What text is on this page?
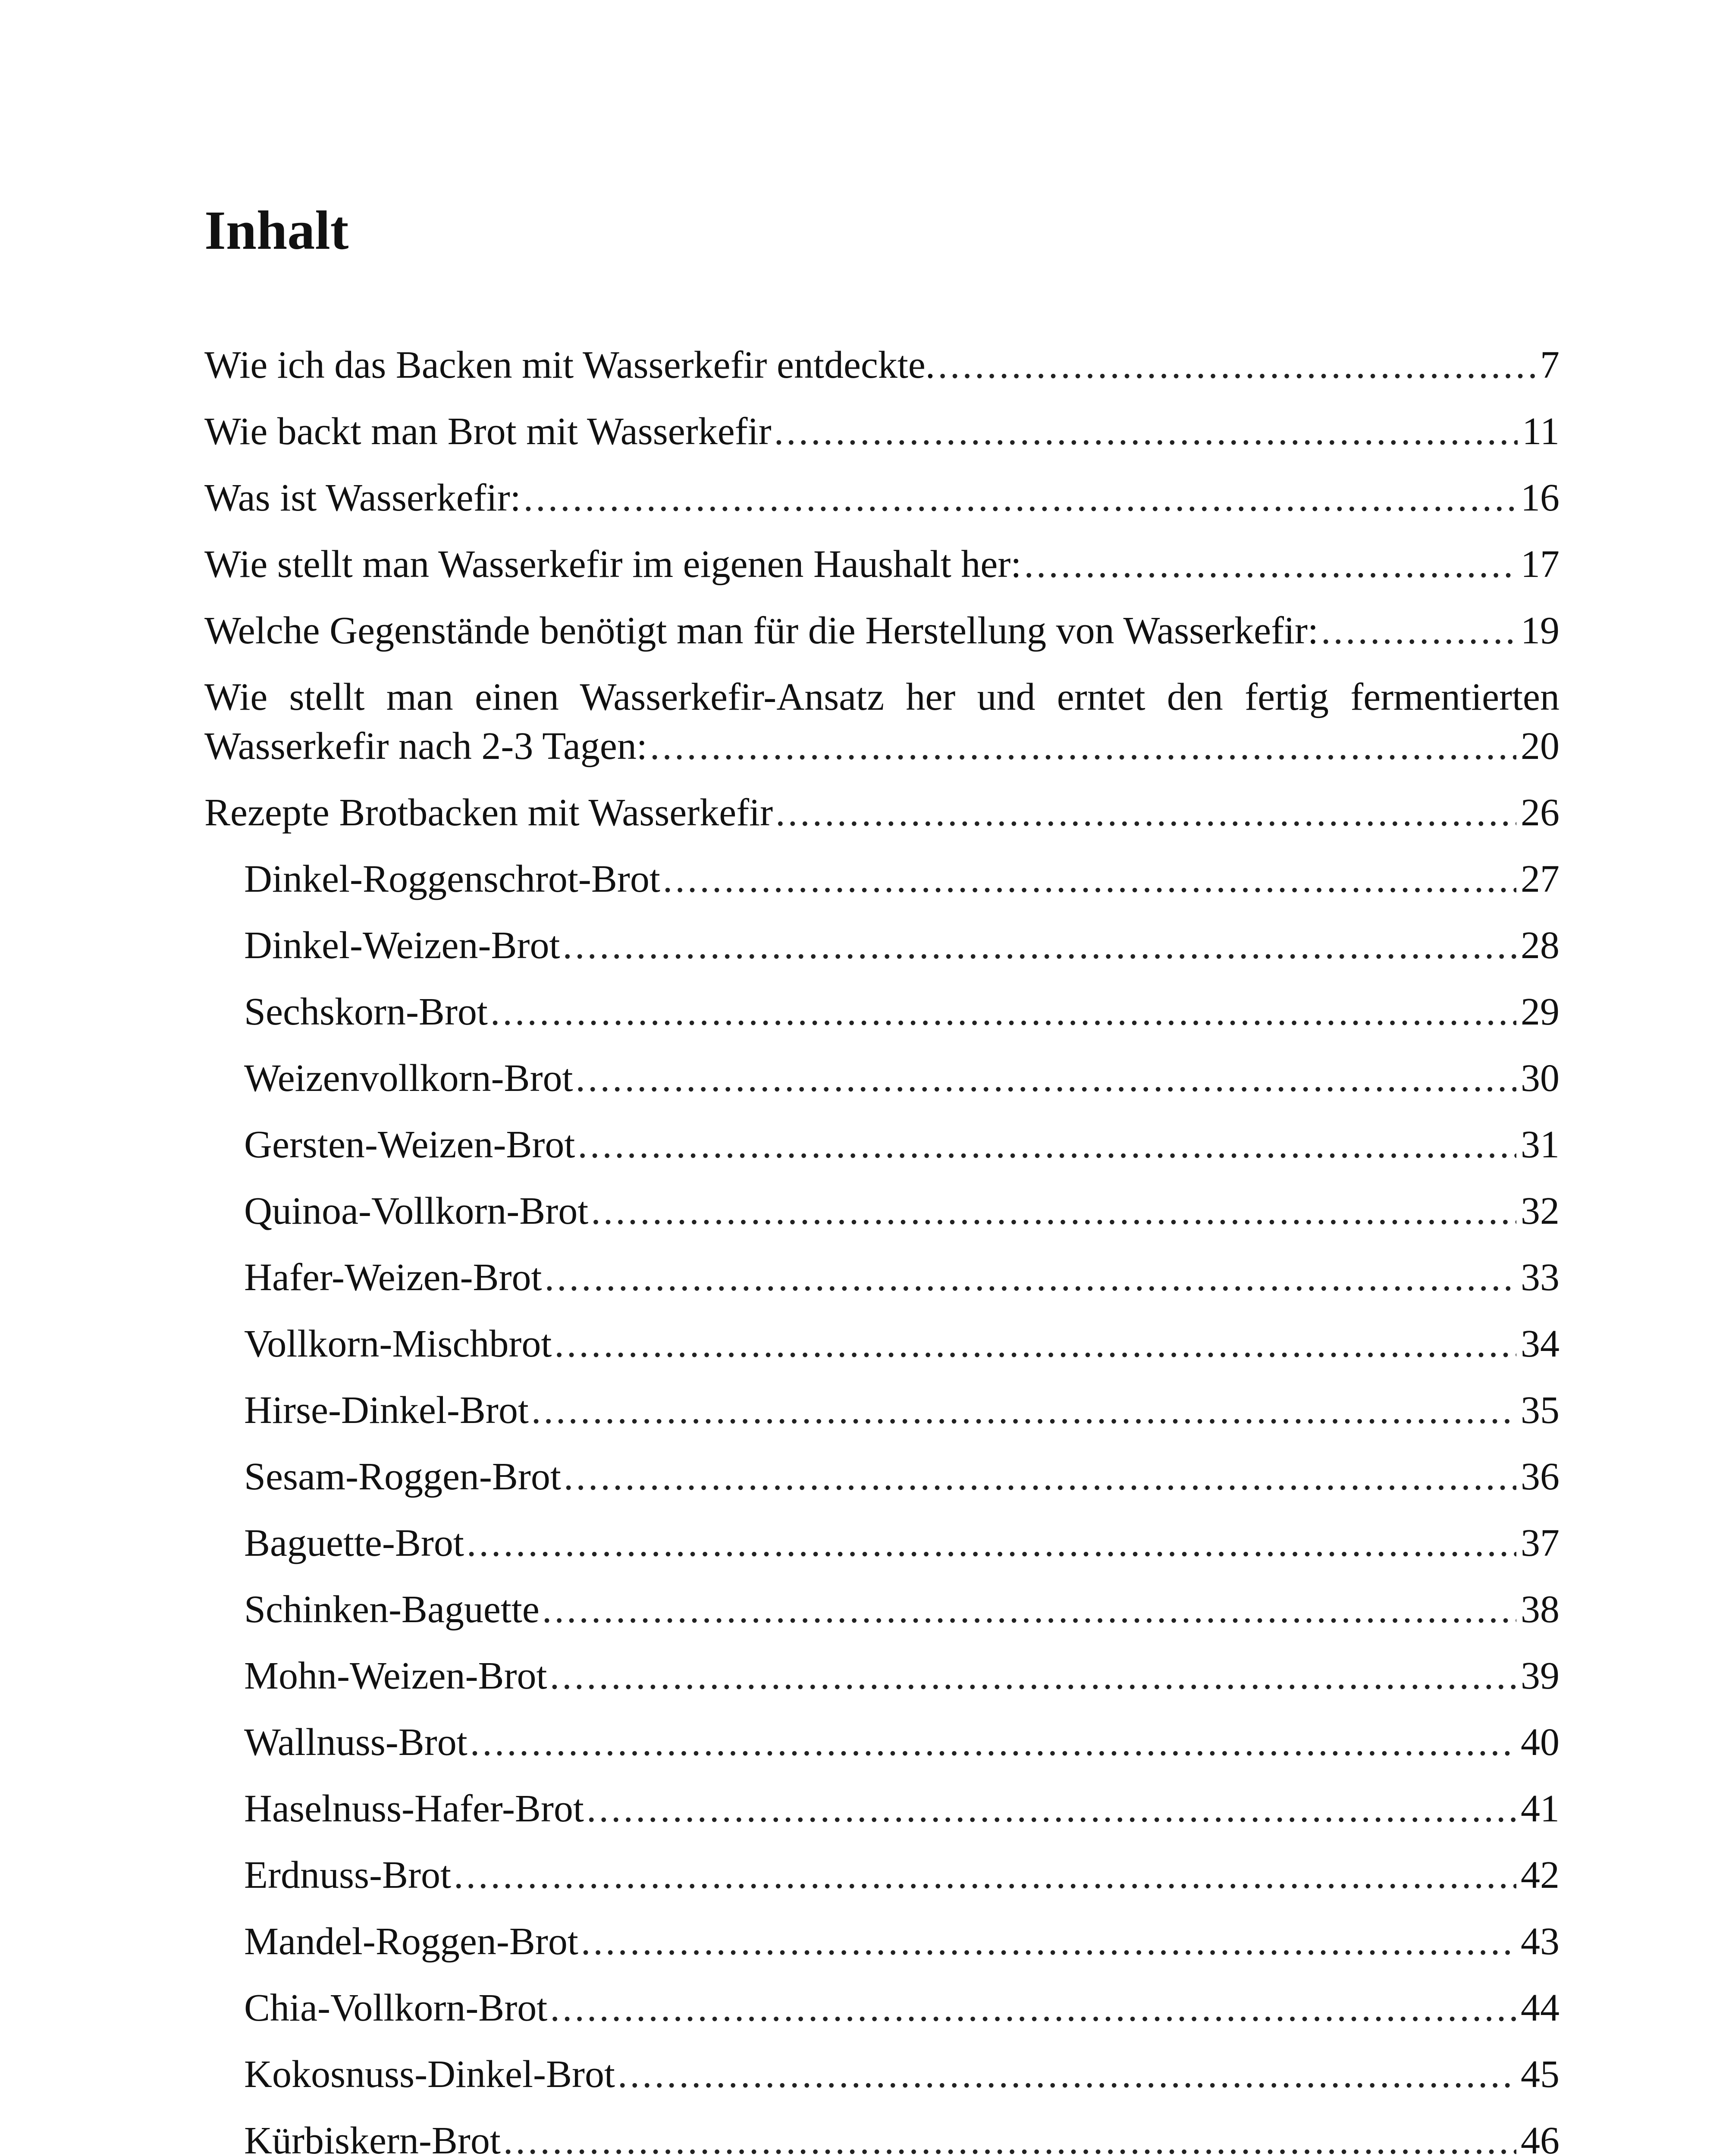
Inhalt
Wie ich das Backen mit Wasserkefir entdeckte. .....	7
Wie backt man Brot mit Wasserkefir .....	11
Was ist Wasserkefir: .....	16
Wie stellt man Wasserkefir im eigenen Haushalt her: .....	17
Welche Gegenstände benötigt man für die Herstellung von Wasserkefir: .....	19
Wie stellt man einen Wasserkefir-Ansatz her und erntet den fertig fermentierten
Wasserkefir nach 2-3 Tagen: .....	20
Rezepte Brotbacken mit Wasserkefir .....	26
Dinkel-Roggenschrot-Brot .....	27
Dinkel-Weizen-Brot .....	28
Sechskorn-Brot .....	29
Weizenvollkorn-Brot .....	30
Gersten-Weizen-Brot .....	31
Quinoa-Vollkorn-Brot .....	32
Hafer-Weizen-Brot .....	33
Vollkorn-Mischbrot .....	34
Hirse-Dinkel-Brot .....	35
Sesam-Roggen-Brot .....	36
Baguette-Brot .....	37
Schinken-Baguette .....	38
Mohn-Weizen-Brot .....	39
Wallnuss-Brot .....	40
Haselnuss-Hafer-Brot .....	41
Erdnuss-Brot .....	42
Mandel-Roggen-Brot .....	43
Chia-Vollkorn-Brot .....	44
Kokosnuss-Dinkel-Brot .....	45
Kürbiskern-Brot .....	46
